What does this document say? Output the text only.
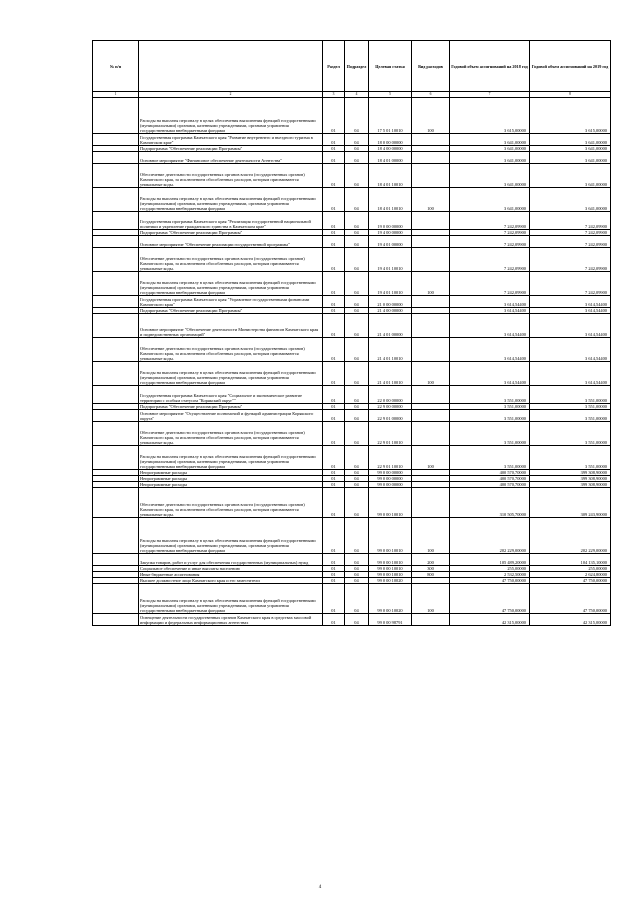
№ п/п		Раздел	Подраздел	Целевая статья	Вид расходов	Годовой объем ассигнований на 2018 год	Годовой объем ассигнований на 2019 год
1	2	3	4	5	6	7	8
	Расходы на выплаты персоналу в целях обеспечения выполнения функций государственными (муниципальными) органами, казенными учреждениями, органами управления государственными внебюджетными фондами	01	04	17 5 01 10010	100	3 615,00000	3 615,00000
	Государственная программа Камчатского края "Развитие внутреннего и въездного туризма в Камчатском крае"	01	04	18 0 00 00000		3 641,00000	3 641,00000
	Подпрограмма "Обеспечение реализации Программы"	01	04	18 4 00 00000		3 641,00000	3 641,00000
	Основное мероприятие "Финансовое обеспечение деятельности Агентства"	01	04	18 4 01 00000		3 641,00000	3 641,00000
	Обеспечение деятельности государственных органов власти (государственных органов) Камчатского края, за исключением обособленных расходов, которым присваиваются уникальные коды.	01	04	18 4 01 10010		3 641,00000	3 641,00000
	Расходы на выплаты персоналу в целях обеспечения выполнения функций государственными (муниципальными) органами, казенными учреждениями, органами управления государственными внебюджетными фондами	01	04	18 4 01 10010	100	3 641,00000	3 641,00000
	Государственная программа Камчатского края "Реализация государственной национальной политики и укрепление гражданского единства в Камчатском крае"	01	04	19 0 00 00000		7 242,09900	7 242,09900
	Подпрограмма "Обеспечение реализации Программы"	01	04	19 4 00 00000		7 242,09900	7 242,09900
	Основное мероприятие "Обеспечение реализации государственной программы"	01	04	19 4 01 00000		7 242,09900	7 242,09900
	Обеспечение деятельности государственных органов власти (государственных органов) Камчатского края, за исключением обособленных расходов, которым присваиваются уникальные коды.	01	04	19 4 01 10010		7 242,09900	7 242,09900
	Расходы на выплаты персоналу в целях обеспечения выполнения функций государственными (муниципальными) органами, казенными учреждениями, органами управления государственными внебюджетными фондами	01	04	19 4 01 10010	100	7 242,09900	7 242,09900
	Государственная программа Камчатского края "Управление государственными финансами Камчатского края"	01	04	21 0 00 00000		3 614,54400	3 614,54400
	Подпрограмма "Обеспечение реализации Программы"	01	04	21 4 00 00000		3 614,54400	3 614,54400
	Основное мероприятие "Обеспечение деятельности Министерства финансов Камчатского края и подведомственных организаций"	01	04	21 4 01 00000		3 614,54400	3 614,54400
	Обеспечение деятельности государственных органов власти (государственных органов) Камчатского края, за исключением обособленных расходов, которым присваиваются уникальные коды.	01	04	21 4 01 10010		3 614,54400	3 614,54400
	Расходы на выплаты персоналу в целях обеспечения выполнения функций государственными (муниципальными) органами, казенными учреждениями, органами управления государственными внебюджетными фондами	01	04	21 4 01 10010	100	3 614,54400	3 614,54400
	Государственная программа Камчатского края "Социальное и экономическое развитие территории с особым статусом "Корякский округ""	01	04	22 0 00 00000		3 551,00000	3 551,00000
	Подпрограмма "Обеспечение реализации Программы"	01	04	22 9 00 00000		3 551,00000	3 551,00000
	Основное мероприятие "Осуществление полномочий и функций администрации Корякского округа"	01	04	22 9 01 00000		3 551,00000	3 551,00000
	Обеспечение деятельности государственных органов власти (государственных органов) Камчатского края, за исключением обособленных расходов, которым присваиваются уникальные коды.	01	04	22 9 01 10010		3 551,00000	3 551,00000
	Расходы на выплаты персоналу в целях обеспечения выполнения функций государственными (муниципальными) органами, казенными учреждениями, органами управления государственными внебюджетными фондами	01	04	22 9 01 10010	100	3 551,00000	3 551,00000
	Непрограммные расходы	01	04	99 0 00 00000		400 570,70000	399 308,90000
	Непрограммные расходы	01	04	99 0 00 00000		400 570,70000	399 308,90000
	Непрограммные расходы	01	04	99 0 00 00000		400 570,70000	399 308,90000
	Обеспечение деятельности государственных органов власти (государственных органов) Камчатского края, за исключением обособленных расходов, которым присваиваются уникальные коды.	01	04	99 0 00 10010		310 505,70000	309 243,90000
	Расходы на выплаты персоналу в целях обеспечения выполнения функций государственными (муниципальными) органами, казенными учреждениями, органами управления государственными внебюджетными фондами	01	04	99 0 00 10010	100	202 229,00000	202 229,00000
	Закупка товаров, работ и услуг для обеспечения государственных (муниципальных) нужд	01	04	99 0 00 10010	200	105 489,20000	104 135,10000
	Социальное обеспечение и иные выплаты населению	01	04	99 0 00 10010	300	255,00000	255,00000
	Иные бюджетные ассигнования	01	04	99 0 00 10010	800	2 532,50000	2 624,80000
	Высшее должностное лицо Камчатского края и его заместители	01	04	99 0 00 10020		47 750,00000	47 750,00000
	Расходы на выплаты персоналу в целях обеспечения выполнения функций государственными (муниципальными) органами, казенными учреждениями, органами управления государственными внебюджетными фондами	01	04	99 0 00 10020	100	47 750,00000	47 750,00000
	Освещение деятельности государственных органов Камчатского края в средствах массовой информации и федеральных информационных агентствах	01	04	99 0 00 98791		42 315,00000	42 315,00000
4
